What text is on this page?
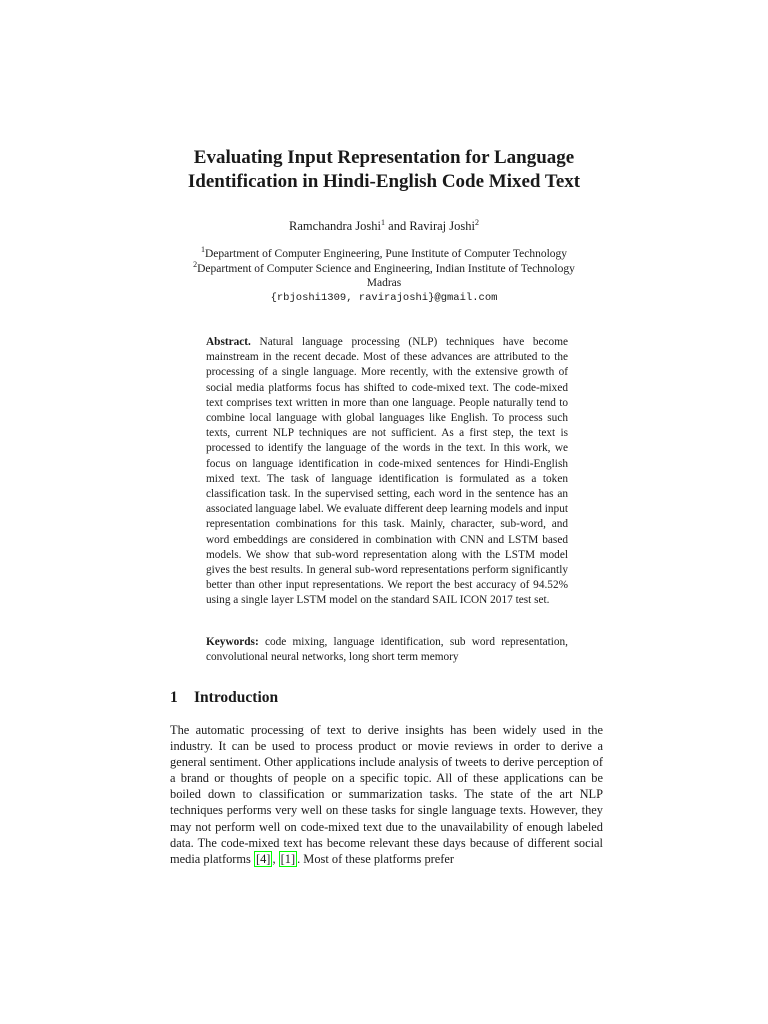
Evaluating Input Representation for Language
Identification in Hindi-English Code Mixed Text
Ramchandra Joshi$^1$ and Raviraj Joshi$^2$
$^1$Department of Computer Engineering, Pune Institute of Computer Technology
$^2$Department of Computer Science and Engineering, Indian Institute of Technology
Madras
{rbjoshi1309, ravirajoshi}@gmail.com
Abstract. Natural language processing (NLP) techniques have become mainstream in the recent decade. Most of these advances are attributed to the processing of a single language. More recently, with the extensive growth of social media platforms focus has shifted to code-mixed text. The code-mixed text comprises text written in more than one language. People naturally tend to combine local language with global languages like English. To process such texts, current NLP techniques are not sufficient. As a first step, the text is processed to identify the language of the words in the text. In this work, we focus on language identification in code-mixed sentences for Hindi-English mixed text. The task of language identification is formulated as a token classification task. In the supervised setting, each word in the sentence has an associated language label. We evaluate different deep learning models and input representation combinations for this task. Mainly, character, sub-word, and word embeddings are considered in combination with CNN and LSTM based models. We show that sub-word representation along with the LSTM model gives the best results. In general sub-word representations perform significantly better than other input representations. We report the best accuracy of 94.52% using a single layer LSTM model on the standard SAIL ICON 2017 test set.
Keywords: code mixing, language identification, sub word representation, convolutional neural networks, long short term memory
1 Introduction
The automatic processing of text to derive insights has been widely used in the industry. It can be used to process product or movie reviews in order to derive a general sentiment. Other applications include analysis of tweets to derive perception of a brand or thoughts of people on a specific topic. All of these applications can be boiled down to classification or summarization tasks. The state of the art NLP techniques performs very well on these tasks for single language texts. However, they may not perform well on code-mixed text due to the unavailability of enough labeled data. The code-mixed text has become relevant these days because of different social media platforms [4] , [1] . Most of these platforms prefer
